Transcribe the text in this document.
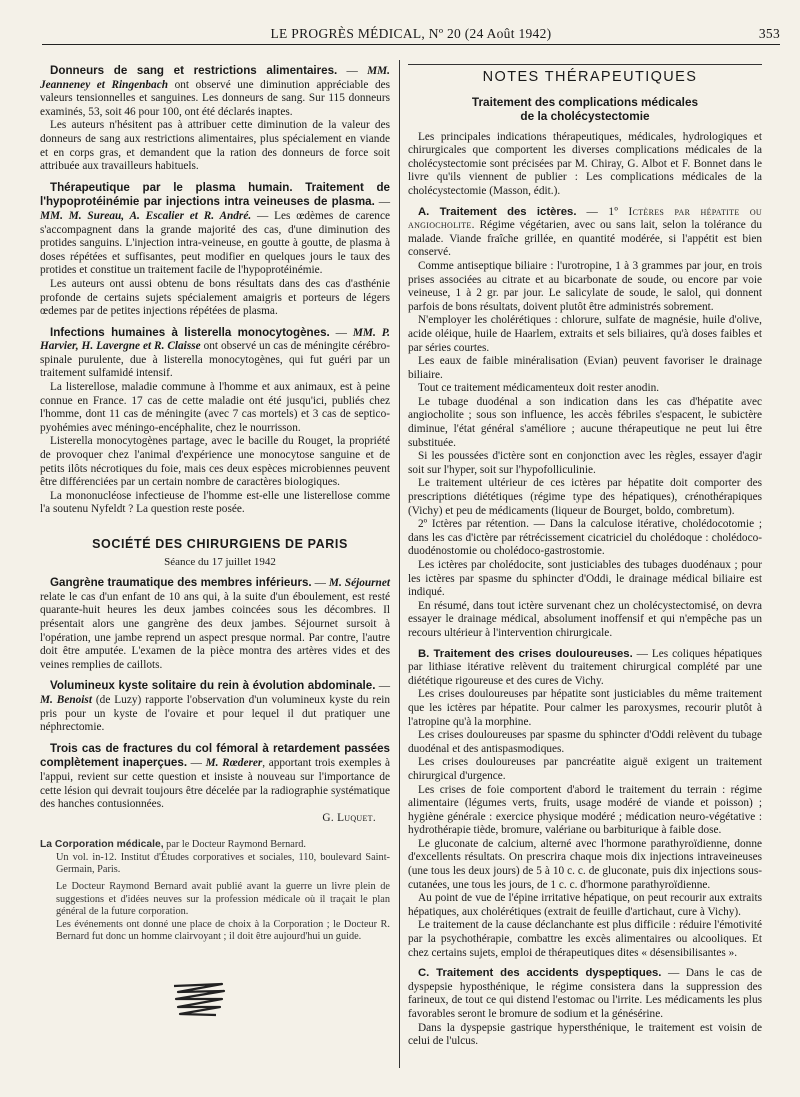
LE PROGRÈS MÉDICAL, Nº 20 (24 Août 1942)	353

Donneurs de sang et restrictions alimentaires. — MM. Jeanneney et Ringenbach ont observé une diminution appréciable des valeurs tensionnelles et sanguines. Les donneurs de sang. Sur 115 donneurs examinés, 53, soit 46 pour 100, ont été déclarés inaptes.

Les auteurs n'hésitent pas à attribuer cette diminution de la valeur des donneurs de sang aux restrictions alimentaires, plus spécialement en viande et en corps gras, et demandent que la ration des donneurs de force soit attribuée aux travailleurs habituels.

Thérapeutique par le plasma humain. Traitement de l'hypoprotéinémie par injections intra veineuses de plasma. — MM. M. Sureau, A. Escalier et R. André. — Les œdèmes de carence s'accompagnent dans la grande majorité des cas, d'une diminution des protides sanguins. L'injection intra-veineuse, en goutte à goutte, de plasma à doses répétées et suffisantes, peut modifier en quelques jours le taux des protides et constitue un traitement facile de l'hypoprotéinémie.

Les auteurs ont aussi obtenu de bons résultats dans des cas d'asthénie profonde de certains sujets spécialement amaigris et porteurs de légers œdemes par de petites injections répétées de plasma.

Infections humaines à listerella monocytogènes. — MM. P. Harvier, H. Lavergne et R. Claisse ont observé un cas de méningite cérébro-spinale purulente, due à listerella monocytogènes, qui fut guéri par un traitement sulfamidé intensif.

La listerellose, maladie commune à l'homme et aux animaux, est à peine connue en France. 17 cas de cette maladie ont été jusqu'ici, publiés chez l'homme, dont 11 cas de méningite (avec 7 cas mortels) et 3 cas de septico-pyohémies avec méningo-encéphalite, chez le nourrisson.

Listerella monocytogènes partage, avec le bacille du Rouget, la propriété de provoquer chez l'animal d'expérience une monocytose sanguine et de petits ilôts nécrotiques du foie, mais ces deux espèces microbiennes peuvent être différenciées par un certain nombre de caractères biologiques.

La mononucléose infectieuse de l'homme est-elle une listerellose comme l'a soutenu Nyfeldt ? La question reste posée.

SOCIÉTÉ DES CHIRURGIENS DE PARIS

Séance du 17 juillet 1942

Gangrène traumatique des membres inférieurs. — M. Séjournet relate le cas d'un enfant de 10 ans qui, à la suite d'un éboulement, est resté quarante-huit heures les deux jambes coincées sous les décombres. Il présentait alors une gangrène des deux jambes. Séjournet sursoit à l'opération, une jambe reprend un aspect presque normal. Par contre, l'autre doit être amputée. L'examen de la pièce montra des artères vides et des veines remplies de caillots.

Volumineux kyste solitaire du rein à évolution abdominale. — M. Benoist (de Luzy) rapporte l'observation d'un volumineux kyste du rein pris pour un kyste de l'ovaire et pour lequel il dut pratiquer une néphrectomie.

Trois cas de fractures du col fémoral à retardement passées complètement inaperçues. — M. Rœderer, apportant trois exemples à l'appui, revient sur cette question et insiste à nouveau sur l'importance de cette lésion qui devrait toujours être décelée par la radiographie systématique des hanches contusionnées.

G. Luquet.

La Corporation médicale, par le Docteur Raymond Bernard.

Un vol. in-12. Institut d'Études corporatives et sociales, 110, boulevard Saint-Germain, Paris.

Le Docteur Raymond Bernard avait publié avant la guerre un livre plein de suggestions et d'idées neuves sur la profession médicale où il traçait le plan général de la future corporation.

Les événements ont donné une place de choix à la Corporation ; le Docteur R. Bernard fut donc un homme clairvoyant ; il doit être aujourd'hui un guide.

NOTES THÉRAPEUTIQUES

Traitement des complications médicales
de la cholécystectomie

Les principales indications thérapeutiques, médicales, hydrologiques et chirurgicales que comportent les diverses complications médicales de la cholécystectomie sont précisées par M. Chiray, G. Albot et F. Bonnet dans le livre qu'ils viennent de publier : Les complications médicales de la cholécystectomie (Masson, édit.).

A. Traitement des ictères. — 1º Ictères par hépatite ou angiocholite. Régime végétarien, avec ou sans lait, selon la tolérance du malade. Viande fraîche grillée, en quantité modérée, si l'appétit est bien conservé.

Comme antiseptique biliaire : l'urotropine, 1 à 3 grammes par jour, en trois prises associées au citrate et au bicarbonate de soude, ou encore par voie veineuse, 1 à 2 gr. par jour. Le salicylate de soude, le salol, qui donnent parfois de bons résultats, doivent plutôt être administrés sobrement.

N'employer les cholérétiques : chlorure, sulfate de magnésie, huile d'olive, acide oléique, huile de Haarlem, extraits et sels biliaires, qu'à doses faibles et par séries courtes.

Les eaux de faible minéralisation (Evian) peuvent favoriser le drainage biliaire.

Tout ce traitement médicamenteux doit rester anodin.

Le tubage duodénal a son indication dans les cas d'hépatite avec angiocholite ; sous son influence, les accès fébriles s'espacent, le subictère diminue, l'état général s'améliore ; aucune thérapeutique ne peut lui être substituée.

Si les poussées d'ictère sont en conjonction avec les règles, essayer d'agir soit sur l'hyper, soit sur l'hypofolliculinie.

Le traitement ultérieur de ces ictères par hépatite doit comporter des prescriptions diététiques (régime type des hépatiques), crénothérapiques (Vichy) et peu de médicaments (liqueur de Bourget, boldo, combretum).

2º Ictères par rétention. — Dans la calculose itérative, cholédocotomie ; dans les cas d'ictère par rétrécissement cicatriciel du cholédoque : cholédoco-duodénostomie ou cholédoco-gastrostomie.

Les ictères par cholédocite, sont justiciables des tubages duodénaux ; pour les ictères par spasme du sphincter d'Oddi, le drainage médical biliaire est indiqué.

En résumé, dans tout ictère survenant chez un cholécystectomisé, on devra essayer le drainage médical, absolument inoffensif et qui n'empêche pas un recours ultérieur à l'intervention chirurgicale.

B. Traitement des crises douloureuses. — Les coliques hépatiques par lithiase itérative relèvent du traitement chirurgical complété par une diététique rigoureuse et des cures de Vichy.

Les crises douloureuses par hépatite sont justiciables du même traitement que les ictères par hépatite. Pour calmer les paroxysmes, recourir plutôt à l'atropine qu'à la morphine.

Les crises douloureuses par spasme du sphincter d'Oddi relèvent du tubage duodénal et des antispasmodiques.

Les crises douloureuses par pancréatite aiguë exigent un traitement chirurgical d'urgence.

Les crises de foie comportent d'abord le traitement du terrain : régime alimentaire (légumes verts, fruits, usage modéré de viande et poisson) ; hygiène générale : exercice physique modéré ; médication neuro-végétative : hydrothérapie tiède, bromure, valériane ou barbiturique à faible dose.

Le gluconate de calcium, alterné avec l'hormone parathyroïdienne, donne d'excellents résultats. On prescrira chaque mois dix injections intraveineuses (une tous les deux jours) de 5 à 10 c. c. de gluconate, puis dix injections sous-cutanées, une tous les jours, de 1 c. c. d'hormone parathyroïdienne.

Au point de vue de l'épine irritative hépatique, on peut recourir aux extraits hépatiques, aux cholérétiques (extrait de feuille d'artichaut, cure à Vichy).

Le traitement de la cause déclanchante est plus difficile : réduire l'émotivité par la psychothérapie, combattre les excès alimentaires ou alcooliques. Et chez certains sujets, emploi de thérapeutiques dites « désensibilisantes ».

C. Traitement des accidents dyspeptiques. — Dans le cas de dyspepsie hyposthénique, le régime consistera dans la suppression des farineux, de tout ce qui distend l'estomac ou l'irrite. Les médicaments les plus favorables seront le bromure de sodium et la génésérine.

Dans la dyspepsie gastrique hypersthénique, le traitement est voisin de celui de l'ulcus.
